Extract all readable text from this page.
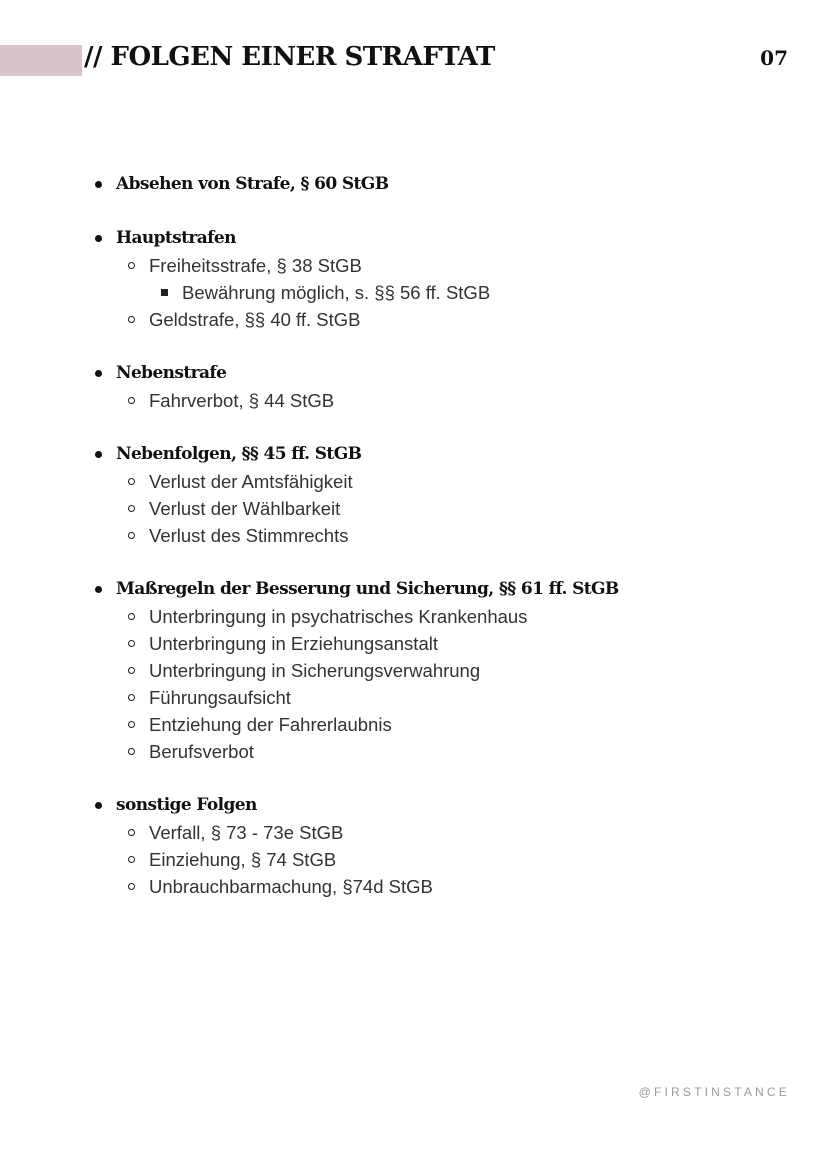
// FOLGEN EINER STRAFTAT	07

Absehen von Strafe, § 60 StGB
Hauptstrafen
Freiheitsstrafe, § 38 StGB
Bewährung möglich, s. §§ 56 ff. StGB
Geldstrafe, §§ 40 ff. StGB
Nebenstrafe
Fahrverbot, § 44 StGB
Nebenfolgen, §§ 45 ff. StGB
Verlust der Amtsfähigkeit
Verlust der Wählbarkeit
Verlust des Stimmrechts
Maßregeln der Besserung und Sicherung, §§ 61 ff. StGB
Unterbringung in psychatrisches Krankenhaus
Unterbringung in Erziehungsanstalt
Unterbringung in Sicherungsverwahrung
Führungsaufsicht
Entziehung der Fahrerlaubnis
Berufsverbot
sonstige Folgen
Verfall, § 73 - 73e StGB
Einziehung, § 74 StGB
Unbrauchbarmachung, §74d StGB

@FIRSTINSTANCE
